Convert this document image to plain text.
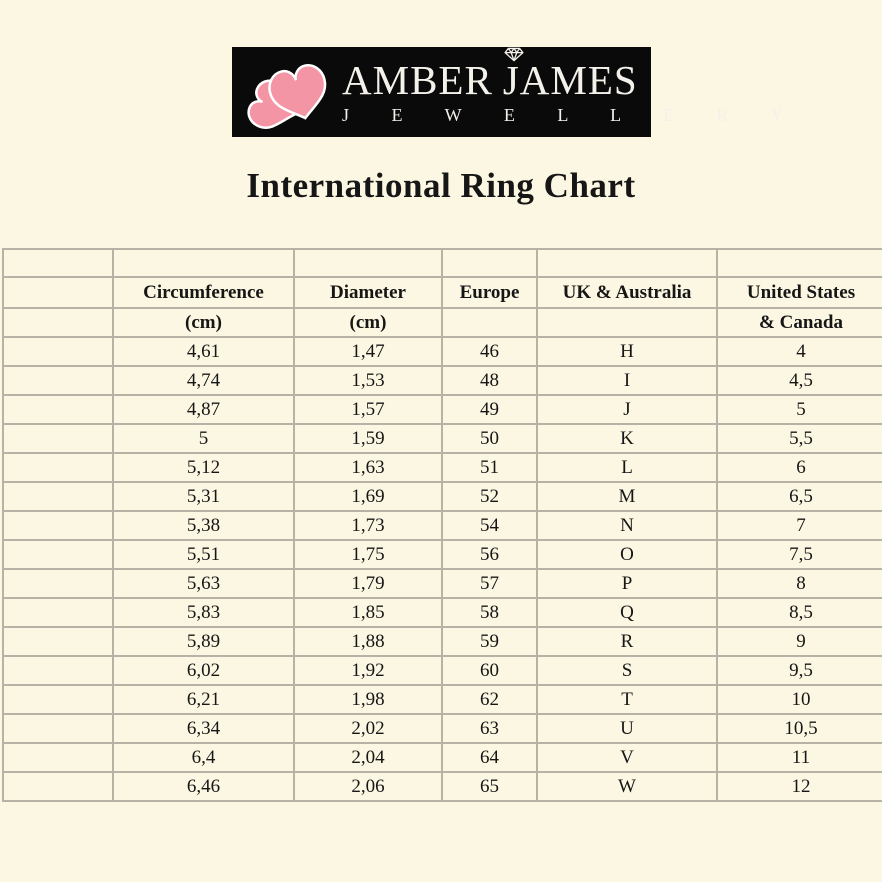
AMBER JAMES
J E W E L L E R Y
International Ring Chart

	Circumference	Diameter	Europe	UK & Australia	United States
	(cm)	(cm)			& Canada
	4,61	1,47	46	H	4
	4,74	1,53	48	I	4,5
	4,87	1,57	49	J	5
	5	1,59	50	K	5,5
	5,12	1,63	51	L	6
	5,31	1,69	52	M	6,5
	5,38	1,73	54	N	7
	5,51	1,75	56	O	7,5
	5,63	1,79	57	P	8
	5,83	1,85	58	Q	8,5
	5,89	1,88	59	R	9
	6,02	1,92	60	S	9,5
	6,21	1,98	62	T	10
	6,34	2,02	63	U	10,5
	6,4	2,04	64	V	11
	6,46	2,06	65	W	12
